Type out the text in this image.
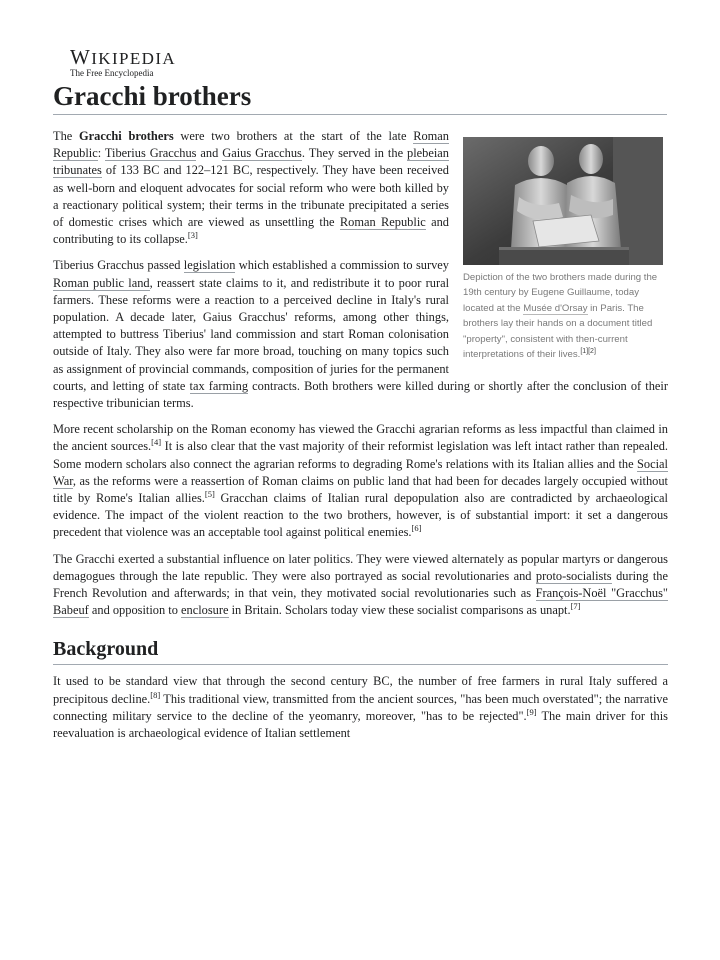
WIKIPEDIA
The Free Encyclopedia
Gracchi brothers
Depiction of the two brothers made during the 19th century by Eugene Guillaume, today located at the Musée d'Orsay in Paris. The brothers lay their hands on a document titled "property", consistent with then-current interpretations of their lives.[1][2]

The Gracchi brothers were two brothers at the start of the late Roman Republic: Tiberius Gracchus and Gaius Gracchus. They served in the plebeian tribunates of 133 BC and 122–121 BC, respectively. They have been received as well-born and eloquent advocates for social reform who were both killed by a reactionary political system; their terms in the tribunate precipitated a series of domestic crises which are viewed as unsettling the Roman Republic and contributing to its collapse.[3]

Tiberius Gracchus passed legislation which established a commission to survey Roman public land, reassert state claims to it, and redistribute it to poor rural farmers. These reforms were a reaction to a perceived decline in Italy's rural population. A decade later, Gaius Gracchus' reforms, among other things, attempted to buttress Tiberius' land commission and start Roman colonisation outside of Italy. They also were far more broad, touching on many topics such as assignment of provincial commands, composition of juries for the permanent courts, and letting of state tax farming contracts. Both brothers were killed during or shortly after the conclusion of their respective tribunician terms.

More recent scholarship on the Roman economy has viewed the Gracchi agrarian reforms as less impactful than claimed in the ancient sources.[4] It is also clear that the vast majority of their reformist legislation was left intact rather than repealed. Some modern scholars also connect the agrarian reforms to degrading Rome's relations with its Italian allies and the Social War, as the reforms were a reassertion of Roman claims on public land that had been for decades largely occupied without title by Rome's Italian allies.[5] Gracchan claims of Italian rural depopulation also are contradicted by archaeological evidence. The impact of the violent reaction to the two brothers, however, is of substantial import: it set a dangerous precedent that violence was an acceptable tool against political enemies.[6]

The Gracchi exerted a substantial influence on later politics. They were viewed alternately as popular martyrs or dangerous demagogues through the late republic. They were also portrayed as social revolutionaries and proto-socialists during the French Revolution and afterwards; in that vein, they motivated social revolutionaries such as François-Noël "Gracchus" Babeuf and opposition to enclosure in Britain. Scholars today view these socialist comparisons as unapt.[7]

Background

It used to be standard view that through the second century BC, the number of free farmers in rural Italy suffered a precipitous decline.[8] This traditional view, transmitted from the ancient sources, "has been much overstated"; the narrative connecting military service to the decline of the yeomanry, moreover, "has to be rejected".[9] The main driver for this reevaluation is archaeological evidence of Italian settlement
